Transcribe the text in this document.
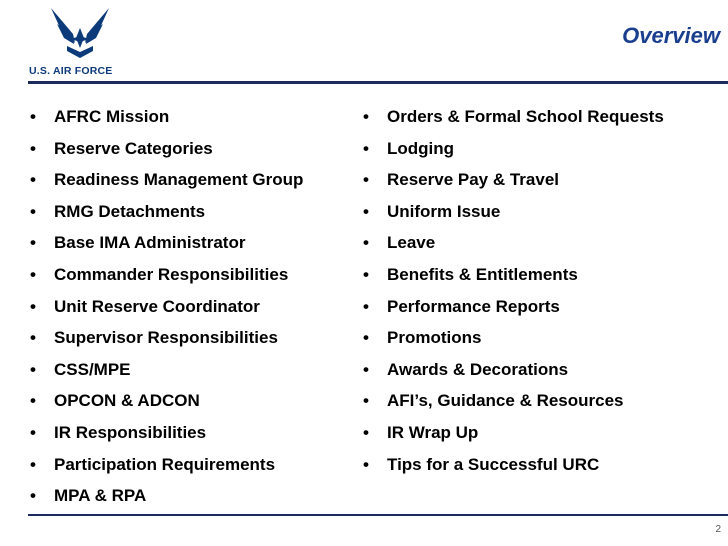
U.S. AIR FORCE
Overview
• AFRC Mission
• Reserve Categories
• Readiness Management Group
• RMG Detachments
• Base IMA Administrator
• Commander Responsibilities
• Unit Reserve Coordinator
• Supervisor Responsibilities
• CSS/MPE
• OPCON & ADCON
• IR Responsibilities
• Participation Requirements
• MPA & RPA
• Orders & Formal School Requests
• Lodging
• Reserve Pay & Travel
• Uniform Issue
• Leave
• Benefits & Entitlements
• Performance Reports
• Promotions
• Awards & Decorations
• AFI’s, Guidance & Resources
• IR Wrap Up
• Tips for a Successful URC
2
